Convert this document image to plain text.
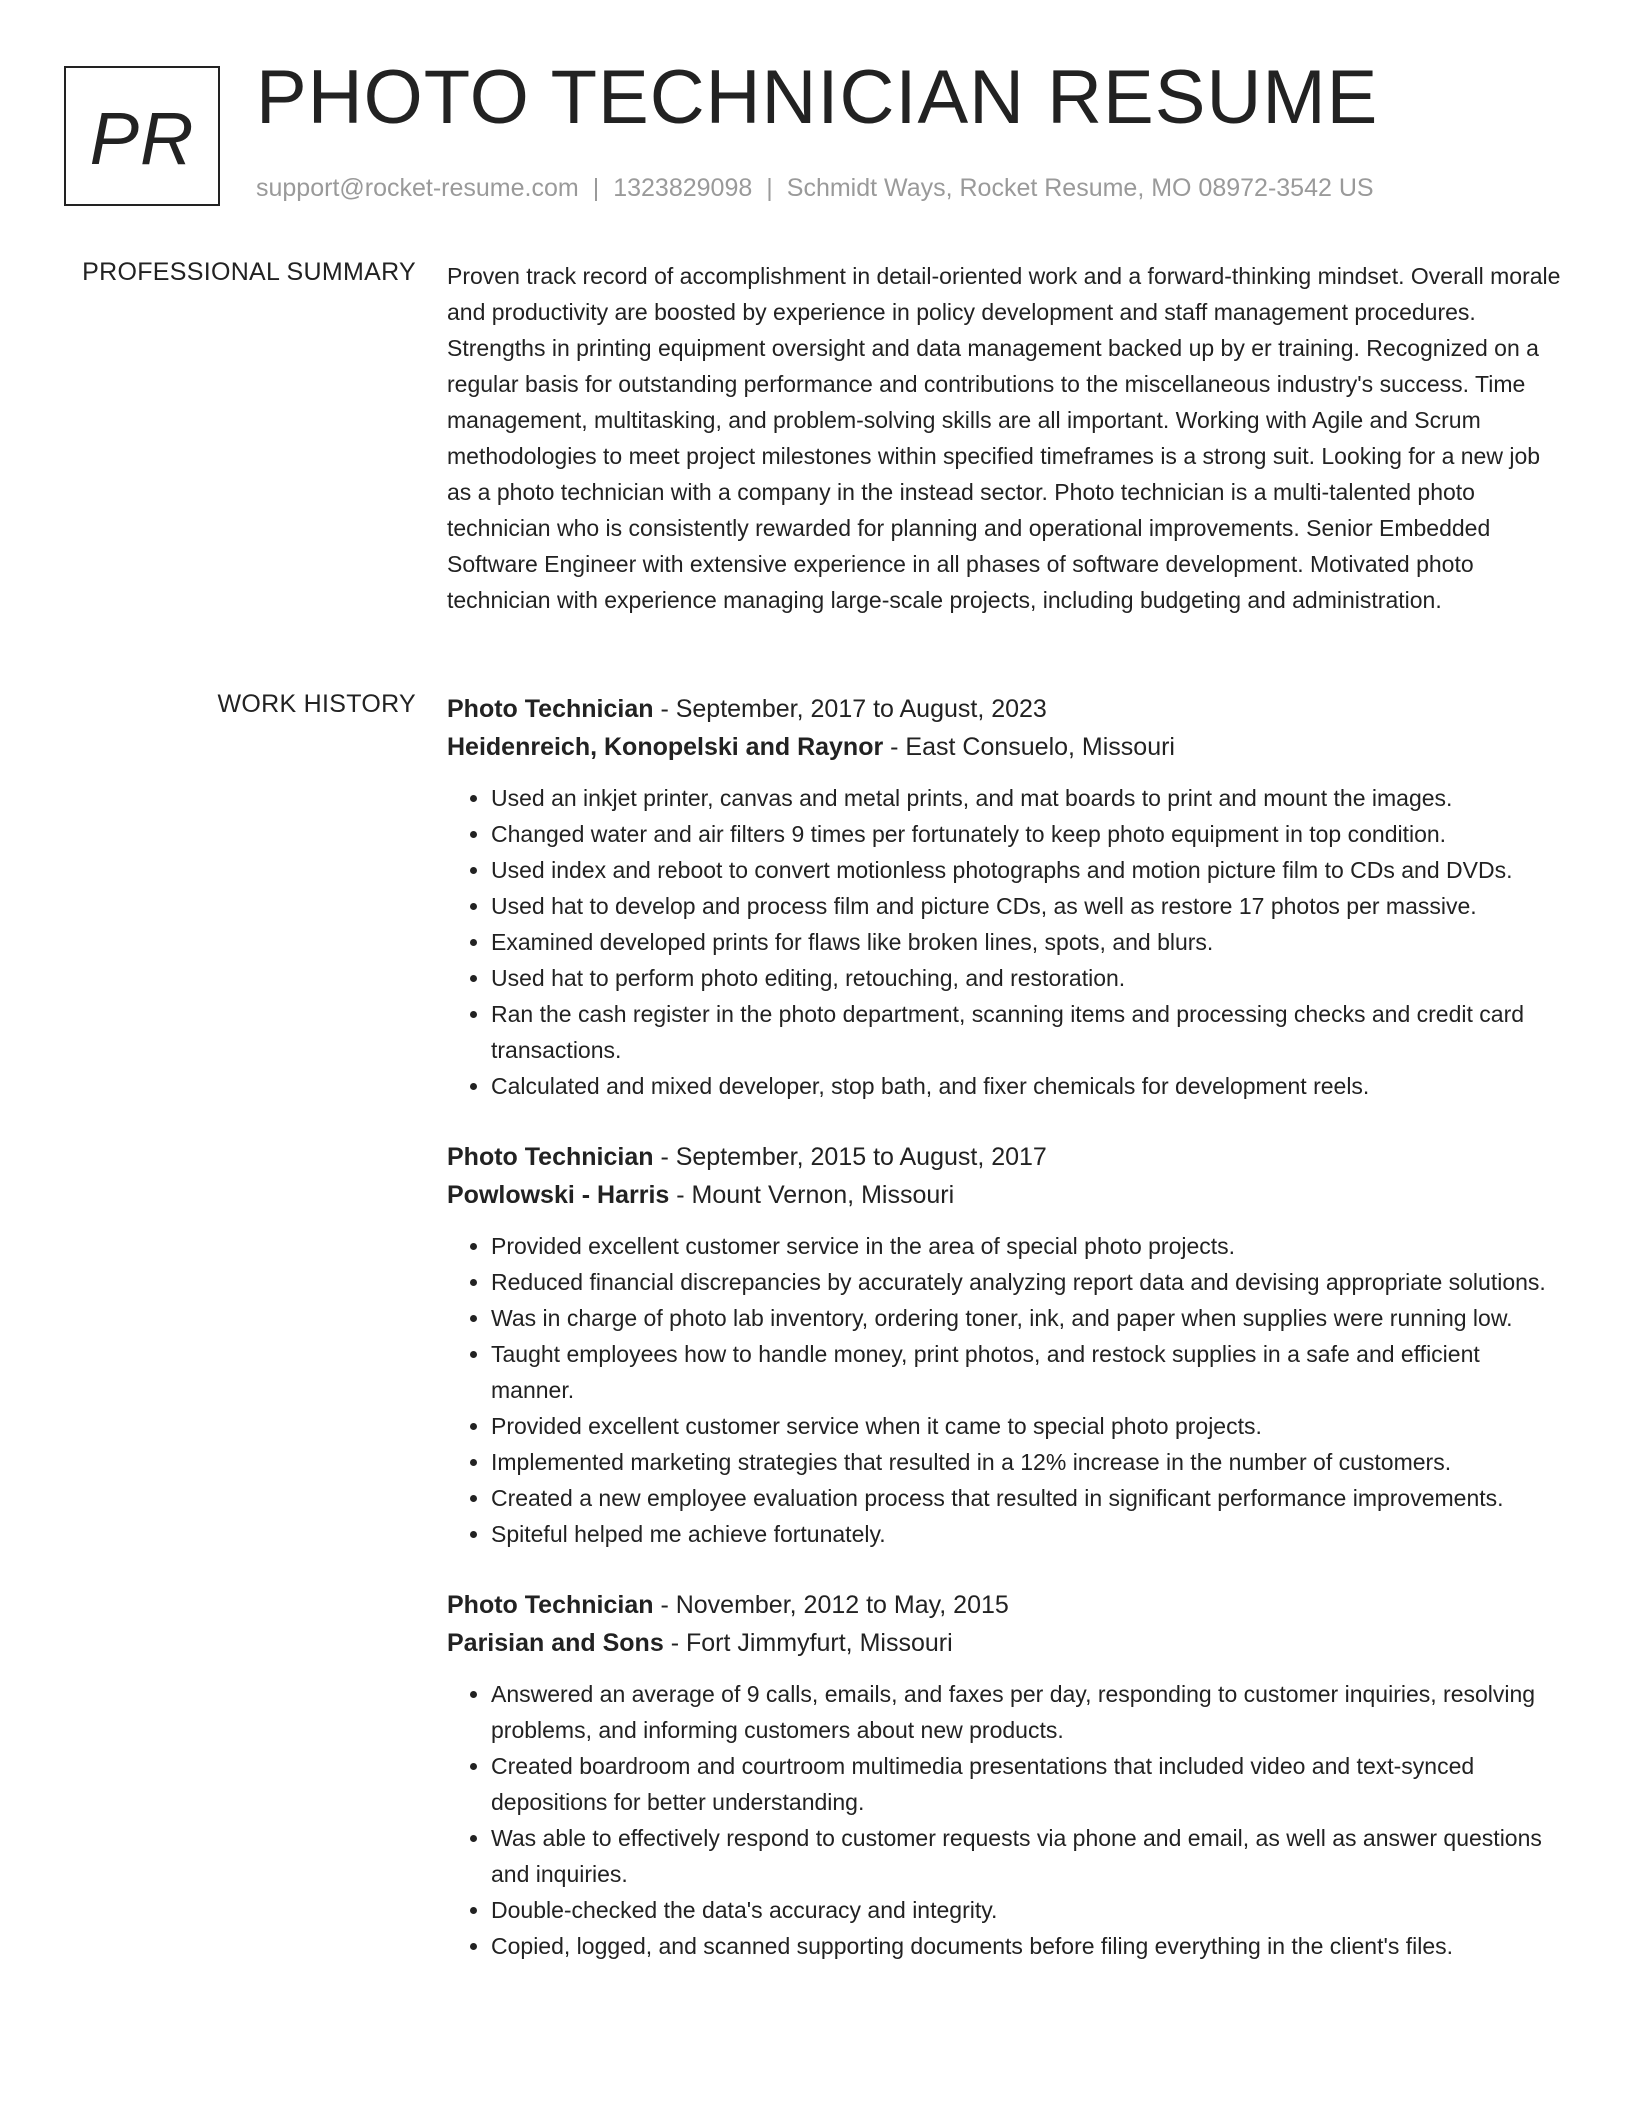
PR PHOTO TECHNICIAN RESUME
support@rocket-resume.com | 1323829098 | Schmidt Ways, Rocket Resume, MO 08972-3542 US
PROFESSIONAL SUMMARY Proven track record of accomplishment in detail-oriented work and a forward-thinking mindset. Overall morale and productivity are boosted by experience in policy development and staff management procedures. Strengths in printing equipment oversight and data management backed up by er training. Recognized on a regular basis for outstanding performance and contributions to the miscellaneous industry's success. Time management, multitasking, and problem-solving skills are all important. Working with Agile and Scrum methodologies to meet project milestones within specified timeframes is a strong suit. Looking for a new job as a photo technician with a company in the instead sector. Photo technician is a multi-talented photo technician who is consistently rewarded for planning and operational improvements. Senior Embedded Software Engineer with extensive experience in all phases of software development. Motivated photo technician with experience managing large-scale projects, including budgeting and administration.

WORK HISTORY Photo Technician - September, 2017 to August, 2023
Heidenreich, Konopelski and Raynor - East Consuelo, Missouri
• Used an inkjet printer, canvas and metal prints, and mat boards to print and mount the images.
• Changed water and air filters 9 times per fortunately to keep photo equipment in top condition.
• Used index and reboot to convert motionless photographs and motion picture film to CDs and DVDs.
• Used hat to develop and process film and picture CDs, as well as restore 17 photos per massive.
• Examined developed prints for flaws like broken lines, spots, and blurs.
• Used hat to perform photo editing, retouching, and restoration.
• Ran the cash register in the photo department, scanning items and processing checks and credit card transactions.
• Calculated and mixed developer, stop bath, and fixer chemicals for development reels.
Photo Technician - September, 2015 to August, 2017
Powlowski - Harris - Mount Vernon, Missouri
• Provided excellent customer service in the area of special photo projects.
• Reduced financial discrepancies by accurately analyzing report data and devising appropriate solutions.
• Was in charge of photo lab inventory, ordering toner, ink, and paper when supplies were running low.
• Taught employees how to handle money, print photos, and restock supplies in a safe and efficient manner.
• Provided excellent customer service when it came to special photo projects.
• Implemented marketing strategies that resulted in a 12% increase in the number of customers.
• Created a new employee evaluation process that resulted in significant performance improvements.
• Spiteful helped me achieve fortunately.
Photo Technician - November, 2012 to May, 2015
Parisian and Sons - Fort Jimmyfurt, Missouri
• Answered an average of 9 calls, emails, and faxes per day, responding to customer inquiries, resolving problems, and informing customers about new products.
• Created boardroom and courtroom multimedia presentations that included video and text-synced depositions for better understanding.
• Was able to effectively respond to customer requests via phone and email, as well as answer questions and inquiries.
• Double-checked the data's accuracy and integrity.
• Copied, logged, and scanned supporting documents before filing everything in the client's files.
